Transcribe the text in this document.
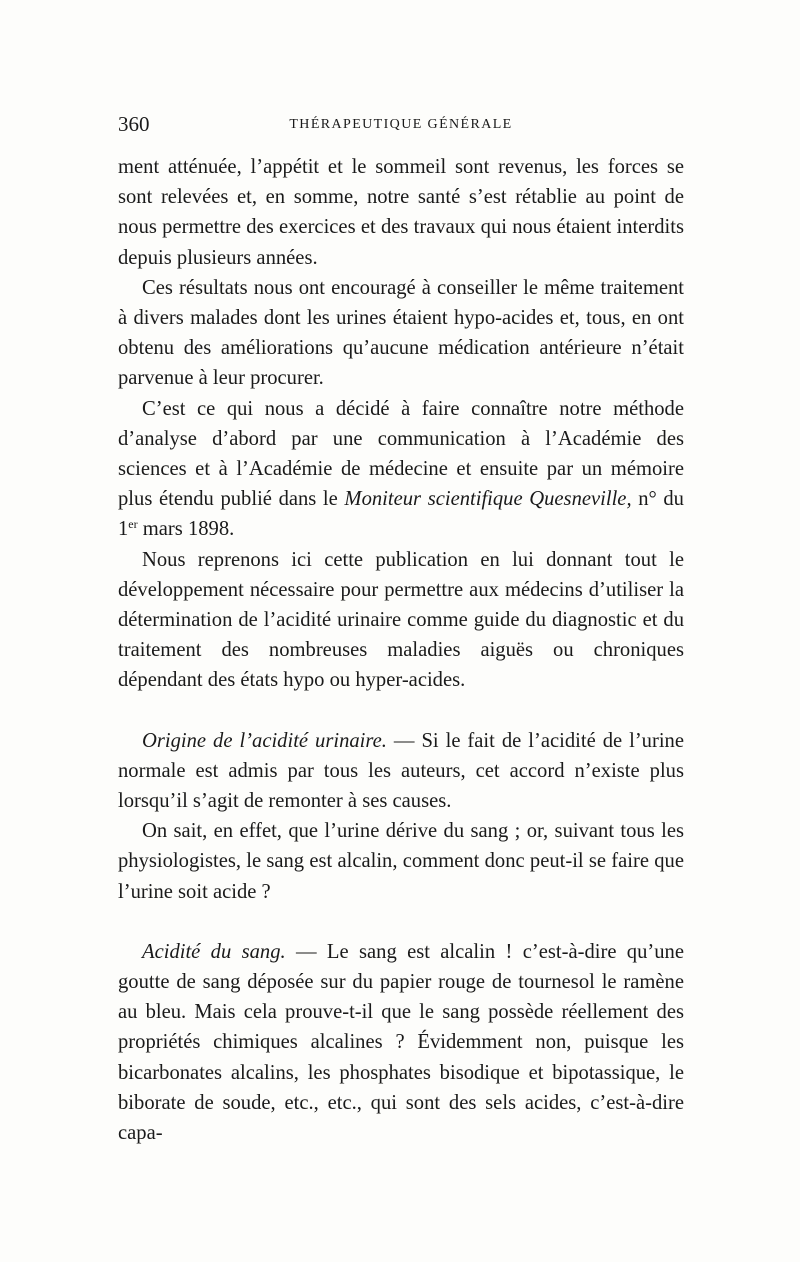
360	THÉRAPEUTIQUE GÉNÉRALE

ment atténuée, l’appétit et le sommeil sont revenus, les forces se sont relevées et, en somme, notre santé s’est rétablie au point de nous permettre des exercices et des travaux qui nous étaient interdits depuis plusieurs années.

Ces résultats nous ont encouragé à conseiller le même traitement à divers malades dont les urines étaient hypo-acides et, tous, en ont obtenu des améliorations qu’aucune médication antérieure n’était parvenue à leur procurer.

C’est ce qui nous a décidé à faire connaître notre méthode d’analyse d’abord par une communication à l’Académie des sciences et à l’Académie de médecine et ensuite par un mémoire plus étendu publié dans le Moniteur scientifique Quesneville, n° du 1er mars 1898.

Nous reprenons ici cette publication en lui donnant tout le développement nécessaire pour permettre aux médecins d’utiliser la détermination de l’acidité urinaire comme guide du diagnostic et du traitement des nombreuses maladies aiguës ou chroniques dépendant des états hypo ou hyper-acides.

Origine de l’acidité urinaire. — Si le fait de l’acidité de l’urine normale est admis par tous les auteurs, cet accord n’existe plus lorsqu’il s’agit de remonter à ses causes.

On sait, en effet, que l’urine dérive du sang ; or, suivant tous les physiologistes, le sang est alcalin, comment donc peut-il se faire que l’urine soit acide ?

Acidité du sang. — Le sang est alcalin ! c’est-à-dire qu’une goutte de sang déposée sur du papier rouge de tournesol le ramène au bleu. Mais cela prouve-t-il que le sang possède réellement des propriétés chimiques alcalines ? Évidemment non, puisque les bicarbonates alcalins, les phosphates bisodique et bipotassique, le biborate de soude, etc., etc., qui sont des sels acides, c’est-à-dire capa-
